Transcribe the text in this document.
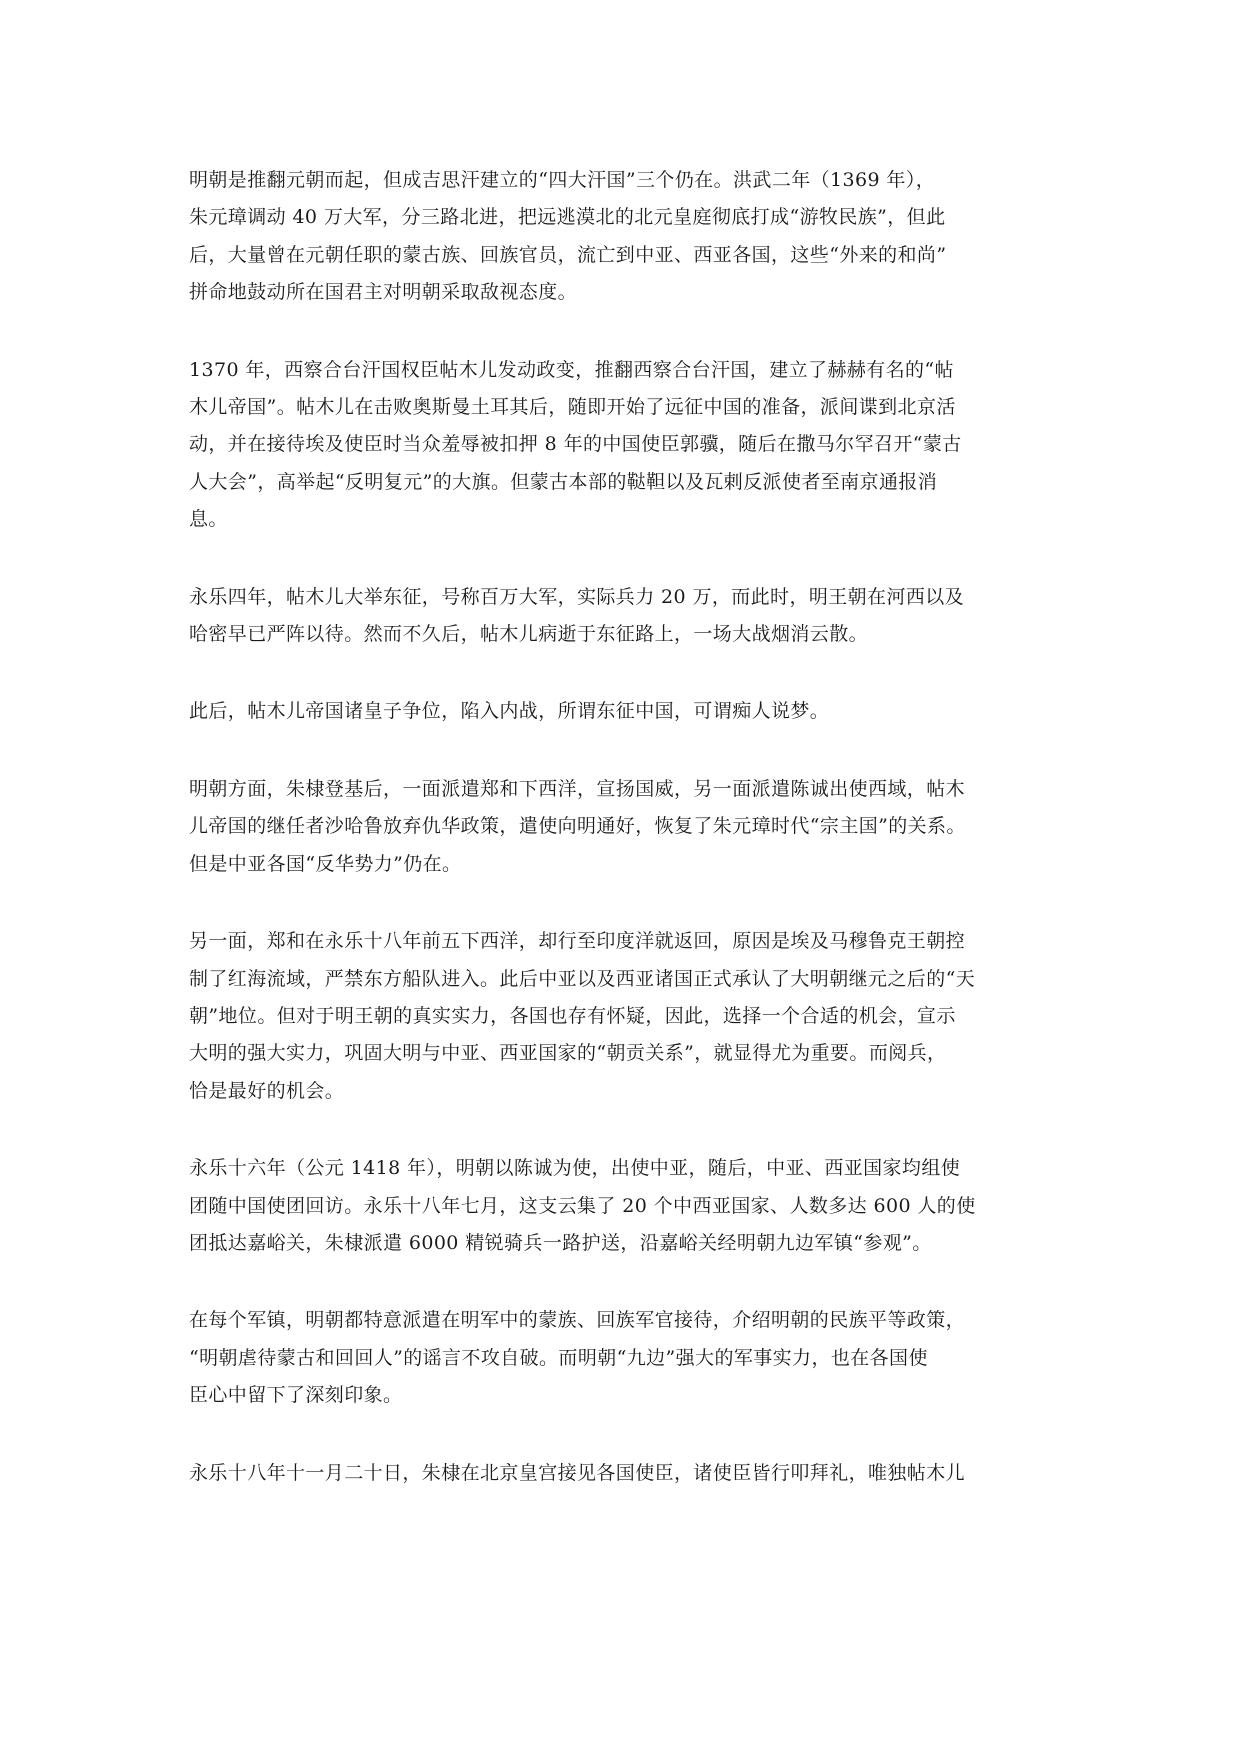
明朝是推翻元朝而起，但成吉思汗建立的“四大汗国”三个仍在。洪武二年（1369 年），
朱元璋调动 40 万大军，分三路北进，把远逃漠北的北元皇庭彻底打成“游牧民族”，但此
后，大量曾在元朝任职的蒙古族、回族官员，流亡到中亚、西亚各国，这些“外来的和尚”
拼命地鼓动所在国君主对明朝采取敌视态度。

1370 年，西察合台汗国权臣帖木儿发动政变，推翻西察合台汗国，建立了赫赫有名的“帖
木儿帝国”。帖木儿在击败奥斯曼土耳其后，随即开始了远征中国的准备，派间谍到北京活
动，并在接待埃及使臣时当众羞辱被扣押 8 年的中国使臣郭骥，随后在撒马尔罕召开“蒙古
人大会”，高举起“反明复元”的大旗。但蒙古本部的鞑靼以及瓦剌反派使者至南京通报消
息。

永乐四年，帖木儿大举东征，号称百万大军，实际兵力 20 万，而此时，明王朝在河西以及
哈密早已严阵以待。然而不久后，帖木儿病逝于东征路上，一场大战烟消云散。

此后，帖木儿帝国诸皇子争位，陷入内战，所谓东征中国，可谓痴人说梦。

明朝方面，朱棣登基后，一面派遣郑和下西洋，宣扬国威，另一面派遣陈诚出使西域，帖木
儿帝国的继任者沙哈鲁放弃仇华政策，遣使向明通好，恢复了朱元璋时代“宗主国”的关系。
但是中亚各国“反华势力”仍在。

另一面，郑和在永乐十八年前五下西洋，却行至印度洋就返回，原因是埃及马穆鲁克王朝控
制了红海流域，严禁东方船队进入。此后中亚以及西亚诸国正式承认了大明朝继元之后的“天
朝”地位。但对于明王朝的真实实力，各国也存有怀疑，因此，选择一个合适的机会，宣示
大明的强大实力，巩固大明与中亚、西亚国家的“朝贡关系”，就显得尤为重要。而阅兵，
恰是最好的机会。

永乐十六年（公元 1418 年），明朝以陈诚为使，出使中亚，随后，中亚、西亚国家均组使
团随中国使团回访。永乐十八年七月，这支云集了 20 个中西亚国家、人数多达 600 人的使
团抵达嘉峪关，朱棣派遣 6000 精锐骑兵一路护送，沿嘉峪关经明朝九边军镇“参观”。

在每个军镇，明朝都特意派遣在明军中的蒙族、回族军官接待，介绍明朝的民族平等政策，
“明朝虐待蒙古和回回人”的谣言不攻自破。而明朝“九边”强大的军事实力，也在各国使
臣心中留下了深刻印象。

永乐十八年十一月二十日，朱棣在北京皇宫接见各国使臣，诸使臣皆行叩拜礼，唯独帖木儿
